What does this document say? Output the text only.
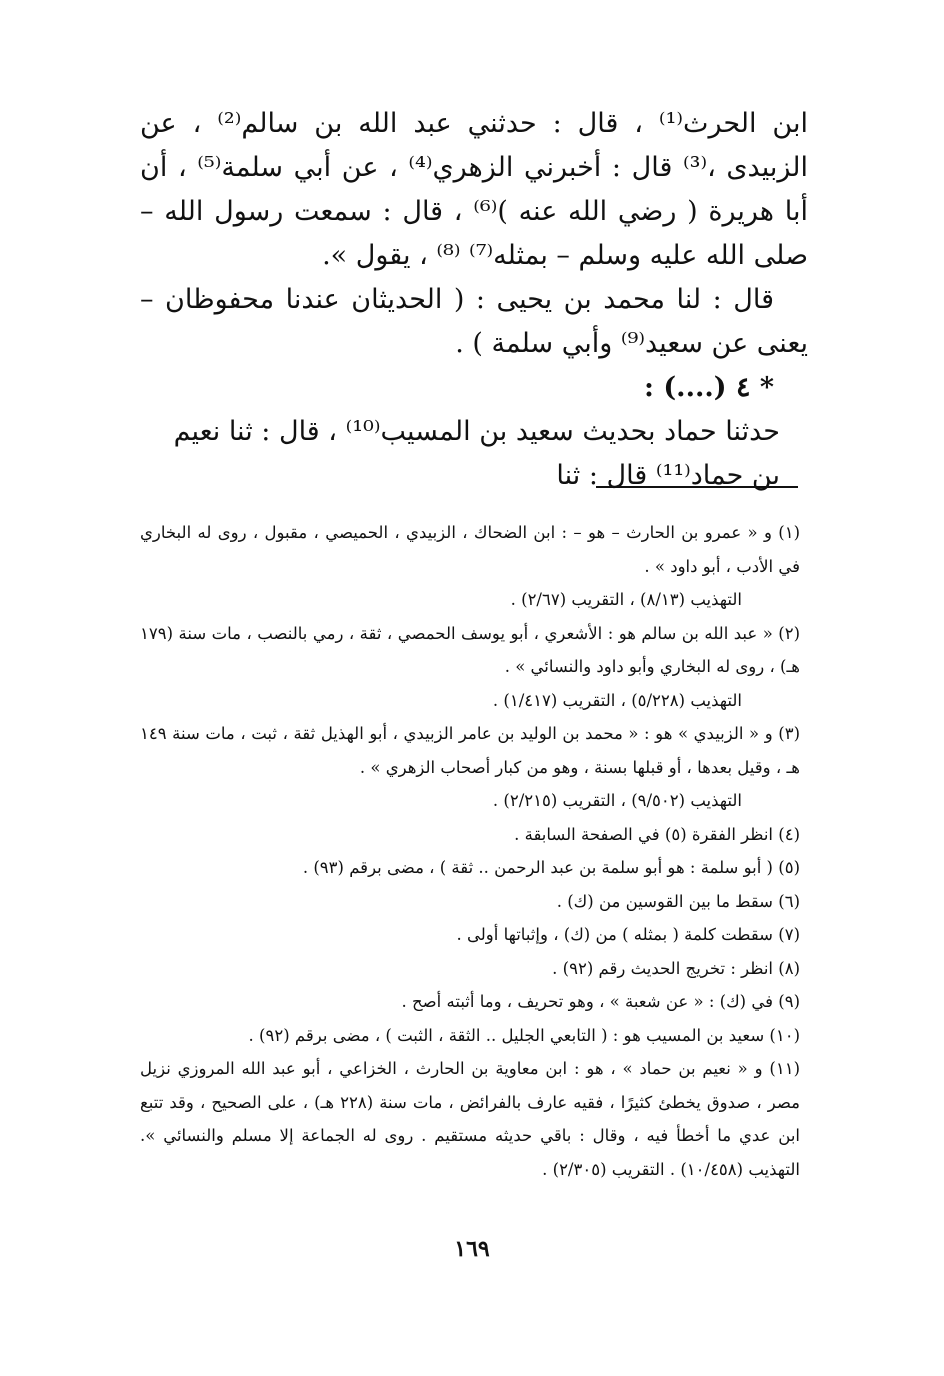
ابن الحرث⁽¹⁾ ، قال : حدثني عبد الله بن سالم⁽²⁾ ، عن الزبيدى ،⁽³⁾ قال : أخبرني الزهري⁽⁴⁾ ، عن أبي سلمة⁽⁵⁾ ، أن أبا هريرة ( رضي الله عنه )⁽⁶⁾ ، قال : سمعت رسول الله – صلى الله عليه وسلم – بمثله⁽⁷⁾ ⁽⁸⁾ ، يقول ».

قال : لنا محمد بن يحيى : ( الحديثان عندنا محفوظان – يعنى عن سعيد⁽⁹⁾ وأبي سلمة ) .

* ٤ (....) :

حدثنا حماد بحديث سعيد بن المسيب⁽¹⁰⁾ ، قال : ثنا نعيم بن حماد⁽¹¹⁾ قال : ثنا

(١) و « عمرو بن الحارث – هو – : ابن الضحاك ، الزبيدي ، الحميصي ، مقبول ، روى له البخاري في الأدب ، أبو داود » .

التهذيب (٨/١٣) ، التقريب (٢/٦٧) .

(٢) « عبد الله بن سالم هو : الأشعري ، أبو يوسف الحمصي ، ثقة ، رمي بالنصب ، مات سنة (١٧٩ هـ) ، روى له البخاري وأبو داود والنسائي » .

التهذيب (٥/٢٢٨) ، التقريب (١/٤١٧) .

(٣) و « الزبيدي » هو : « محمد بن الوليد بن عامر الزبيدي ، أبو الهذيل ثقة ، ثبت ، مات سنة ١٤٩ هـ ، وقيل بعدها ، أو قبلها بسنة ، وهو من كبار أصحاب الزهري » .

التهذيب (٩/٥٠٢) ، التقريب (٢/٢١٥) .

(٤) انظر الفقرة (٥) في الصفحة السابقة .

(٥) ( أبو سلمة : هو أبو سلمة بن عبد الرحمن .. ثقة ) ، مضى برقم (٩٣) .

(٦) سقط ما بين القوسين من (ك) .

(٧) سقطت كلمة ( بمثله ) من (ك) ، وإثباتها أولى .

(٨) انظر : تخريج الحديث رقم (٩٢) .

(٩) في (ك) : « عن شعبة » ، وهو تحريف ، وما أثبته أصح .

(١٠) سعيد بن المسيب هو : ( التابعي الجليل .. الثقة ، الثبت ) ، مضى برقم (٩٢) .

(١١) و « نعيم بن حماد » ، هو : ابن معاوية بن الحارث ، الخزاعي ، أبو عبد الله المروزي نزيل مصر ، صدوق يخطئ كثيرًا ، فقيه عارف بالفرائض ، مات سنة (٢٢٨ هـ) ، على الصحيح ، وقد تتبع ابن عدي ما أخطأ فيه ، وقال : باقي حديثه مستقيم . روى له الجماعة إلا مسلم والنسائي ». التهذيب (١٠/٤٥٨) . التقريب (٢/٣٠٥) .

١٦٩
